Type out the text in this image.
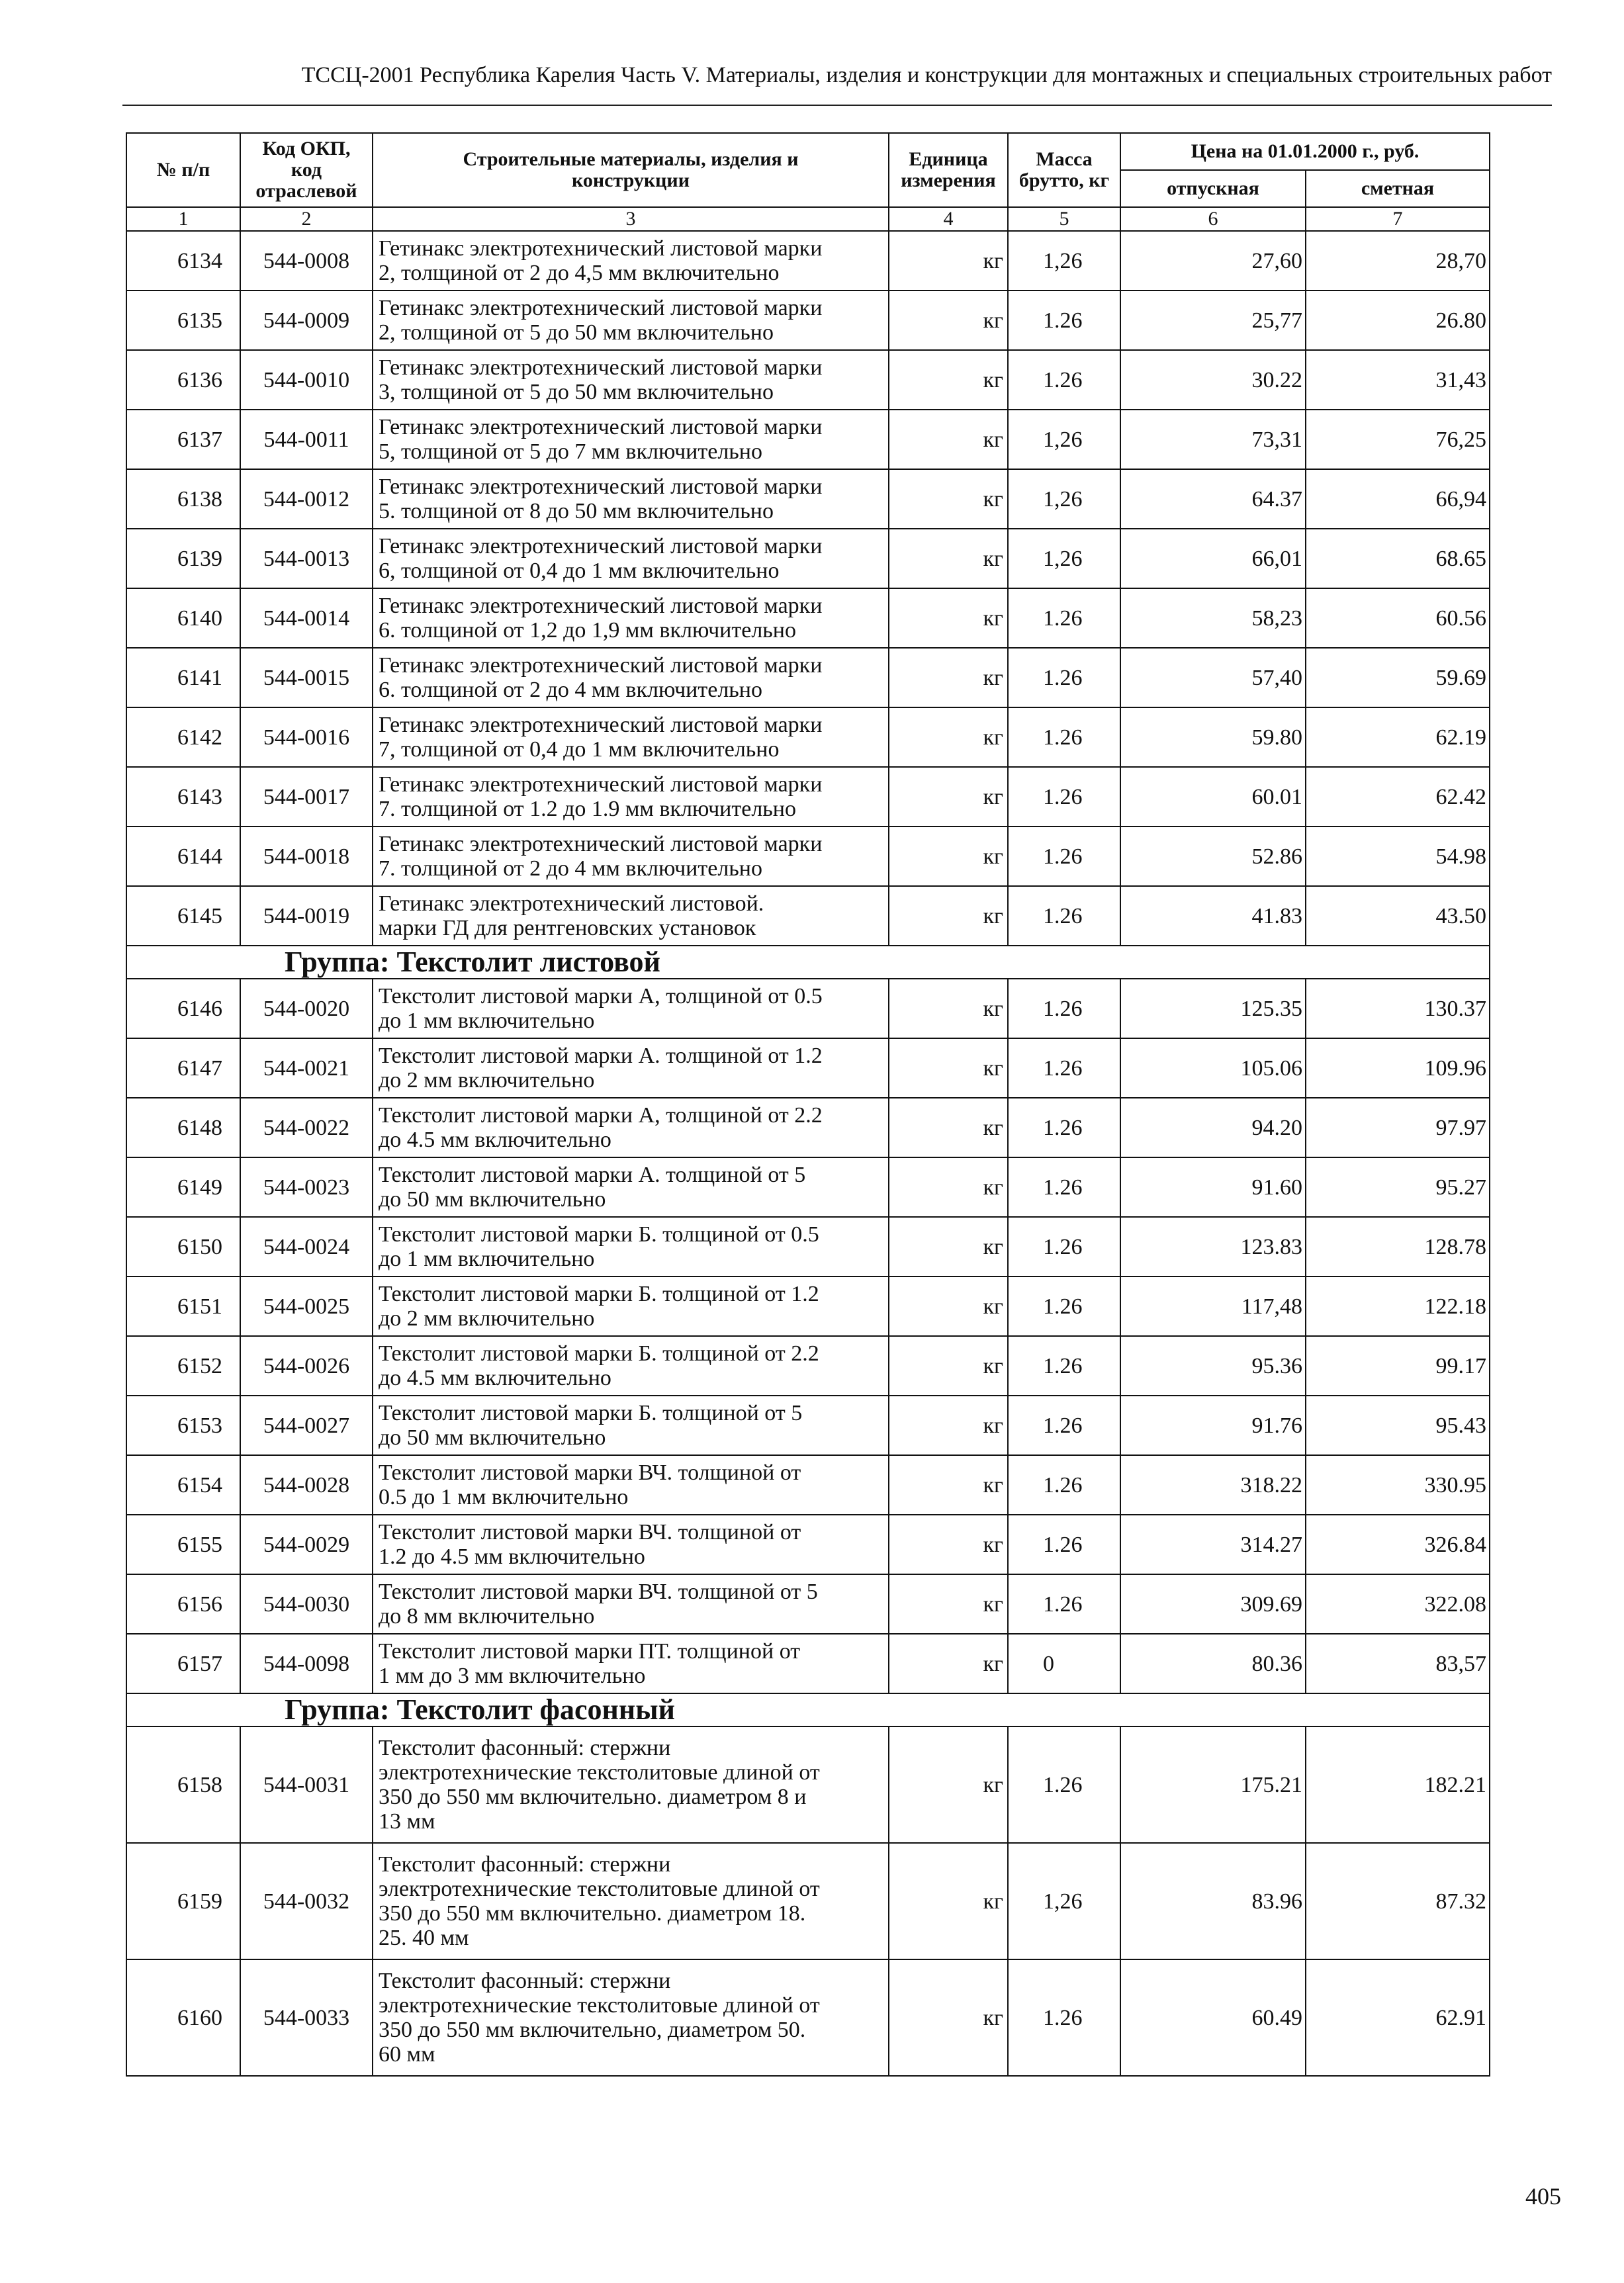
ТССЦ-2001 Республика Карелия Часть V. Материалы, изделия и конструкции для монтажных и специальных строительных работ
№ п/п	Код ОКП,
код
отраслевой	Строительные материалы, изделия и
конструкции	Единица
измерения	Масса
брутто, кг	Цена на 01.01.2000 г., руб.	
					отпускная	сметная
1	2	3	4	5	6	7
6134	544-0008	Гетинакс электротехнический листовой марки
2, толщиной от 2 до 4,5 мм включительно	кг	1,26	27,60	28,70
6135	544-0009	Гетинакс электротехнический листовой марки
2, толщиной от 5 до 50 мм включительно	кг	1.26	25,77	26.80
6136	544-0010	Гетинакс электротехнический листовой марки
3, толщиной от 5 до 50 мм включительно	кг	1.26	30.22	31,43
6137	544-0011	Гетинакс электротехнический листовой марки
5, толщиной от 5 до 7 мм включительно	кг	1,26	73,31	76,25
6138	544-0012	Гетинакс электротехнический листовой марки
5. толщиной от 8 до 50 мм включительно	кг	1,26	64.37	66,94
6139	544-0013	Гетинакс электротехнический листовой марки
6, толщиной от 0,4 до 1 мм включительно	кг	1,26	66,01	68.65
6140	544-0014	Гетинакс электротехнический листовой марки
6. толщиной от 1,2 до 1,9 мм включительно	кг	1.26	58,23	60.56
6141	544-0015	Гетинакс электротехнический листовой марки
6. толщиной от 2 до 4 мм включительно	кг	1.26	57,40	59.69
6142	544-0016	Гетинакс электротехнический листовой марки
7, толщиной от 0,4 до 1 мм включительно	кг	1.26	59.80	62.19
6143	544-0017	Гетинакс электротехнический листовой марки
7. толщиной от 1.2 до 1.9 мм включительно	кг	1.26	60.01	62.42
6144	544-0018	Гетинакс электротехнический листовой марки
7. толщиной от 2 до 4 мм включительно	кг	1.26	52.86	54.98
6145	544-0019	Гетинакс электротехнический листовой.
марки ГД для рентгеновских установок	кг	1.26	41.83	43.50
Группа: Текстолит листовой						
6146	544-0020	Текстолит листовой марки А, толщиной от 0.5
до 1 мм включительно	кг	1.26	125.35	130.37
6147	544-0021	Текстолит листовой марки А. толщиной от 1.2
до 2 мм включительно	кг	1.26	105.06	109.96
6148	544-0022	Текстолит листовой марки А, толщиной от 2.2
до 4.5 мм включительно	кг	1.26	94.20	97.97
6149	544-0023	Текстолит листовой марки А. толщиной от 5
до 50 мм включительно	кг	1.26	91.60	95.27
6150	544-0024	Текстолит листовой марки Б. толщиной от 0.5
до 1 мм включительно	кг	1.26	123.83	128.78
6151	544-0025	Текстолит листовой марки Б. толщиной от 1.2
до 2 мм включительно	кг	1.26	117,48	122.18
6152	544-0026	Текстолит листовой марки Б. толщиной от 2.2
до 4.5 мм включительно	кг	1.26	95.36	99.17
6153	544-0027	Текстолит листовой марки Б. толщиной от 5
до 50 мм включительно	кг	1.26	91.76	95.43
6154	544-0028	Текстолит листовой марки ВЧ. толщиной от
0.5 до 1 мм включительно	кг	1.26	318.22	330.95
6155	544-0029	Текстолит листовой марки ВЧ. толщиной от
1.2 до 4.5 мм включительно	кг	1.26	314.27	326.84
6156	544-0030	Текстолит листовой марки ВЧ. толщиной от 5
до 8 мм включительно	кг	1.26	309.69	322.08
6157	544-0098	Текстолит листовой марки ПТ. толщиной от
1 мм до 3 мм включительно	кг	0	80.36	83,57
Группа: Текстолит фасонный						
6158	544-0031	Текстолит фасонный: стержни
электротехнические текстолитовые длиной от
350 до 550 мм включительно. диаметром 8 и
13 мм	кг	1.26	175.21	182.21
6159	544-0032	Текстолит фасонный: стержни
электротехнические текстолитовые длиной от
350 до 550 мм включительно. диаметром 18.
25. 40 мм	кг	1,26	83.96	87.32
6160	544-0033	Текстолит фасонный: стержни
электротехнические текстолитовые длиной от
350 до 550 мм включительно, диаметром 50.
60 мм	кг	1.26	60.49	62.91
405
